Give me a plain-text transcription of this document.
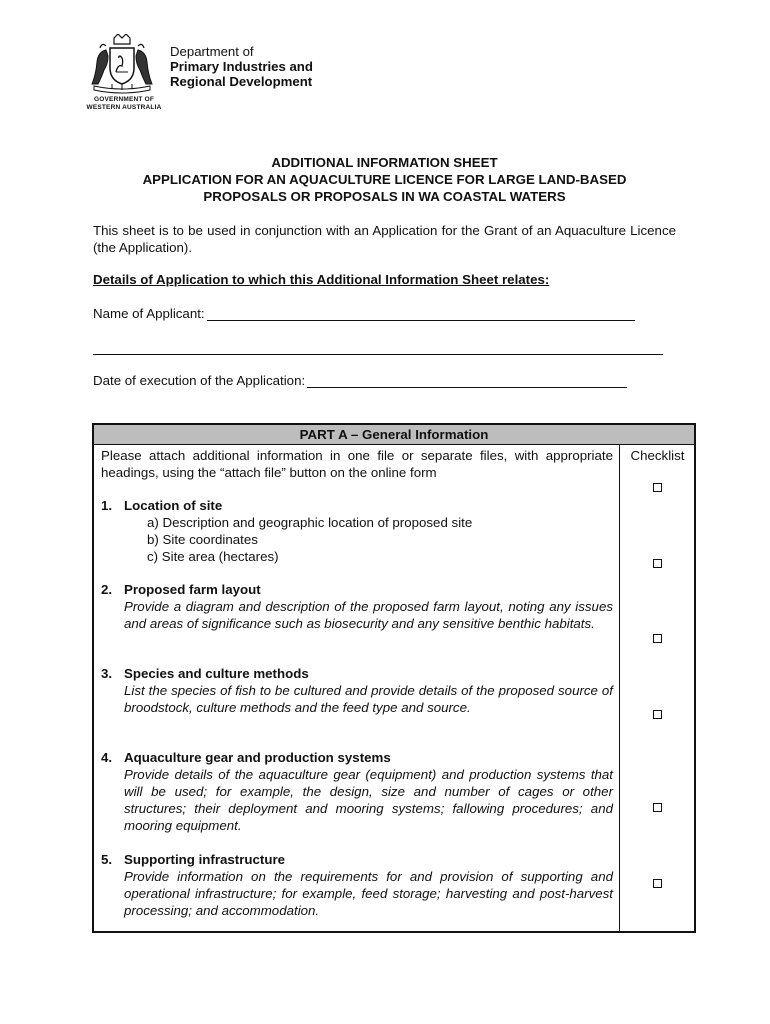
GOVERNMENT OF
WESTERN AUSTRALIA
Department of
Primary Industries and
Regional Development
ADDITIONAL INFORMATION SHEET
APPLICATION FOR AN AQUACULTURE LICENCE FOR LARGE LAND-BASED
PROPOSALS OR PROPOSALS IN WA COASTAL WATERS
This sheet is to be used in conjunction with an Application for the Grant of an Aquaculture Licence (the Application).
Details of Application to which this Additional Information Sheet relates:
Name of Applicant:
Date of execution of the Application:
PART A – General Information
Please attach additional information in one file or separate files, with appropriate headings, using the “attach file” button on the online form
1. Location of site
a) Description and geographic location of proposed site
b) Site coordinates
c) Site area (hectares)
2. Proposed farm layout
Provide a diagram and description of the proposed farm layout, noting any issues and areas of significance such as biosecurity and any sensitive benthic habitats.
3. Species and culture methods
List the species of fish to be cultured and provide details of the proposed source of broodstock, culture methods and the feed type and source.
4. Aquaculture gear and production systems
Provide details of the aquaculture gear (equipment) and production systems that will be used; for example, the design, size and number of cages or other structures; their deployment and mooring systems; fallowing procedures; and mooring equipment.
5. Supporting infrastructure
Provide information on the requirements for and provision of supporting and operational infrastructure; for example, feed storage; harvesting and post-harvest processing; and accommodation.
Checklist
